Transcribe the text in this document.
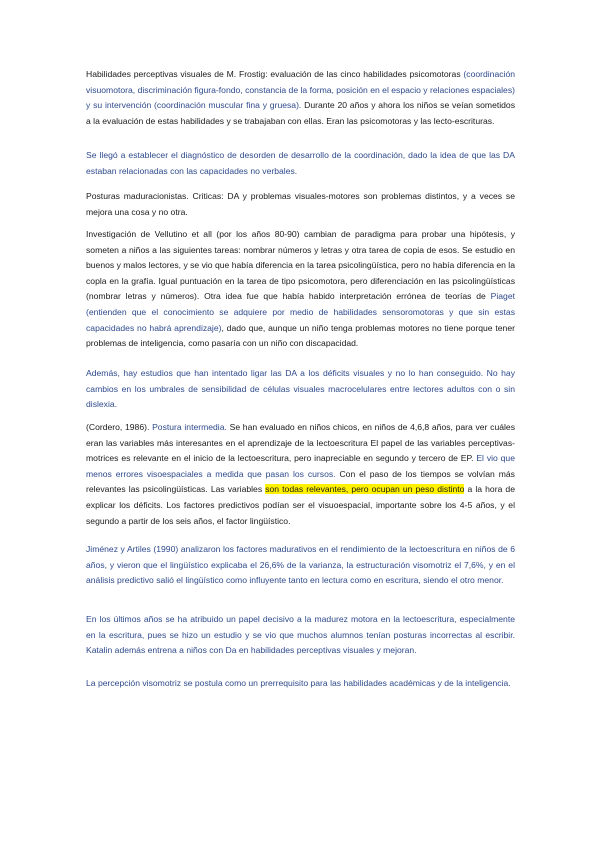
Habilidades perceptivas visuales de M. Frostig: evaluación de las cinco habilidades psicomotoras (coordinación visuomotora, discriminación figura-fondo, constancia de la forma, posición en el espacio y relaciones espaciales) y su intervención (coordinación muscular fina y gruesa). Durante 20 años y ahora los niños se veían sometidos a la evaluación de estas habilidades y se trabajaban con ellas. Eran las psicomotoras y las lecto-escrituras.

Se llegó a establecer el diagnóstico de desorden de desarrollo de la coordinación, dado la idea de que las DA estaban relacionadas con las capacidades no verbales.

Posturas maduracionistas. Criticas: DA y problemas visuales-motores son problemas distintos, y a veces se mejora una cosa y no otra.

Investigación de Vellutino et all (por los años 80-90) cambian de paradigma para probar una hipótesis, y someten a niños a las siguientes tareas: nombrar números y letras y otra tarea de copia de esos. Se estudio en buenos y malos lectores, y se vio que había diferencia en la tarea psicolingüística, pero no había diferencia en la copla en la grafía. Igual puntuación en la tarea de tipo psicomotora, pero diferenciación en las psicolingüísticas (nombrar letras y números). Otra idea fue que había habido interpretación errónea de teorías de Piaget (entienden que el conocimiento se adquiere por medio de habilidades sensoromotoras y que sin estas capacidades no habrá aprendizaje), dado que, aunque un niño tenga problemas motores no tiene porque tener problemas de inteligencia, como pasaría con un niño con discapacidad.

Además, hay estudios que han intentado ligar las DA a los déficits visuales y no lo han conseguido. No hay cambios en los umbrales de sensibilidad de células visuales macrocelulares entre lectores adultos con o sin dislexia.

(Cordero, 1986). Postura intermedia. Se han evaluado en niños chicos, en niños de 4,6,8 años, para ver cuáles eran las variables más interesantes en el aprendizaje de la lectoescritura El papel de las variables perceptivas-motrices es relevante en el inicio de la lectoescritura, pero inapreciable en segundo y tercero de EP. El vio que menos errores visoespaciales a medida que pasan los cursos. Con el paso de los tiempos se volvían más relevantes las psicolingüísticas. Las variables son todas relevantes, pero ocupan un peso distinto a la hora de explicar los déficits. Los factores predictivos podían ser el visuoespacial, importante sobre los 4-5 años, y el segundo a partir de los seis años, el factor lingüístico.

Jiménez y Artiles (1990) analizaron los factores madurativos en el rendimiento de la lectoescritura en niños de 6 años, y vieron que el lingüístico explicaba el 26,6% de la varianza, la estructuración visomotriz el 7,6%, y en el análisis predictivo salió el lingüístico como influyente tanto en lectura como en escritura, siendo el otro menor.

En los últimos años se ha atribuido un papel decisivo a la madurez motora en la lectoescritura, especialmente en la escritura, pues se hizo un estudio y se vio que muchos alumnos tenían posturas incorrectas al escribir. Katalin además entrena a niños con Da en habilidades perceptivas visuales y mejoran.

La percepción visomotriz se postula como un prerrequisito para las habilidades académicas y de la inteligencia.
